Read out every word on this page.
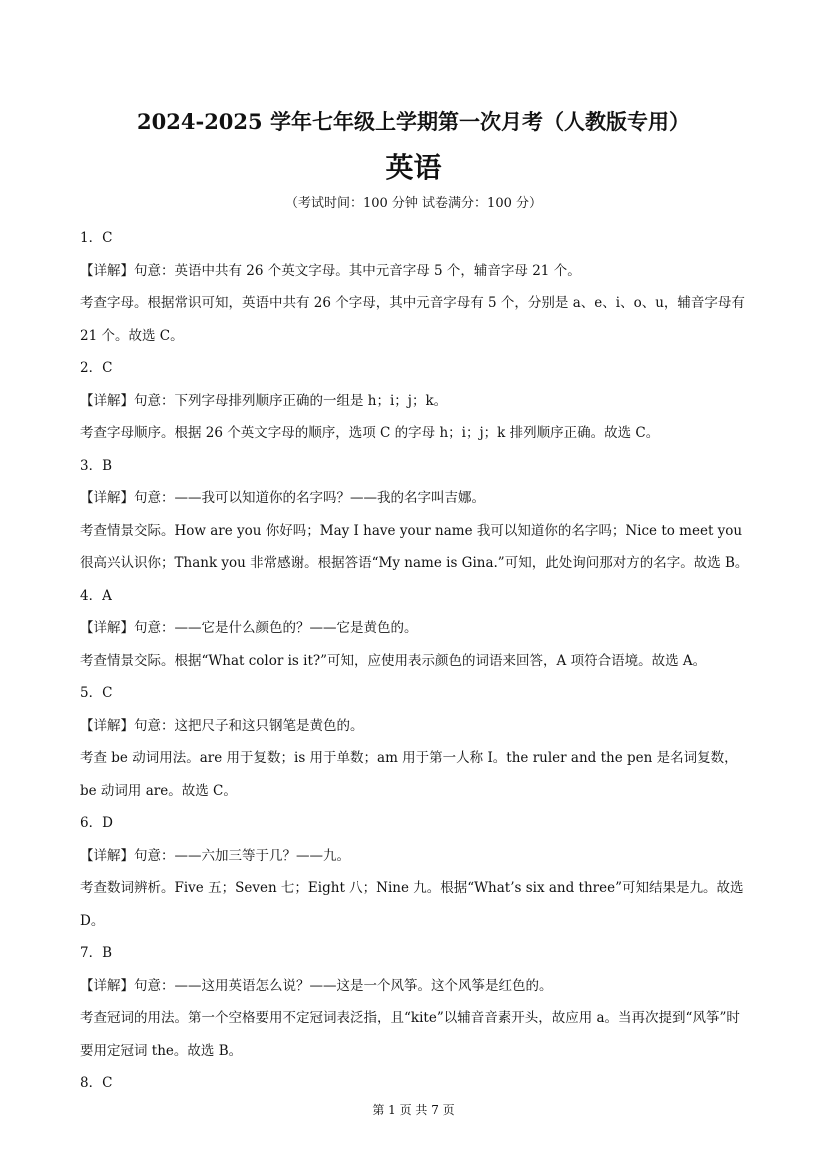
2024-2025 学年七年级上学期第一次月考（人教版专用）
英语
（考试时间：100 分钟 试卷满分：100 分）

1．C

【详解】句意：英语中共有 26 个英文字母。其中元音字母 5 个，辅音字母 21 个。

考查字母。根据常识可知，英语中共有 26 个字母，其中元音字母有 5 个，分别是 a、e、i、o、u，辅音字母有 21 个。故选 C。

2．C

【详解】句意：下列字母排列顺序正确的一组是 h；i；j；k。

考查字母顺序。根据 26 个英文字母的顺序，选项 C 的字母 h；i；j；k 排列顺序正确。故选 C。

3．B

【详解】句意：——我可以知道你的名字吗？——我的名字叫吉娜。

考查情景交际。How are you 你好吗；May I have your name 我可以知道你的名字吗；Nice to meet you 很高兴认识你；Thank you 非常感谢。根据答语“My name is Gina.”可知，此处询问那对方的名字。故选 B。

4．A

【详解】句意：——它是什么颜色的？——它是黄色的。

考查情景交际。根据“What color is it?”可知，应使用表示颜色的词语来回答，A 项符合语境。故选 A。

5．C

【详解】句意：这把尺子和这只钢笔是黄色的。

考查 be 动词用法。are 用于复数；is 用于单数；am 用于第一人称 I。the ruler and the pen 是名词复数，be 动词用 are。故选 C。

6．D

【详解】句意：——六加三等于几？——九。

考查数词辨析。Five 五；Seven 七；Eight 八；Nine 九。根据“What’s six and three”可知结果是九。故选 D。

7．B

【详解】句意：——这用英语怎么说？——这是一个风筝。这个风筝是红色的。

考查冠词的用法。第一个空格要用不定冠词表泛指，且“kite”以辅音音素开头，故应用 a。当再次提到“风筝”时要用定冠词 the。故选 B。

8．C

第 1 页 共 7 页
